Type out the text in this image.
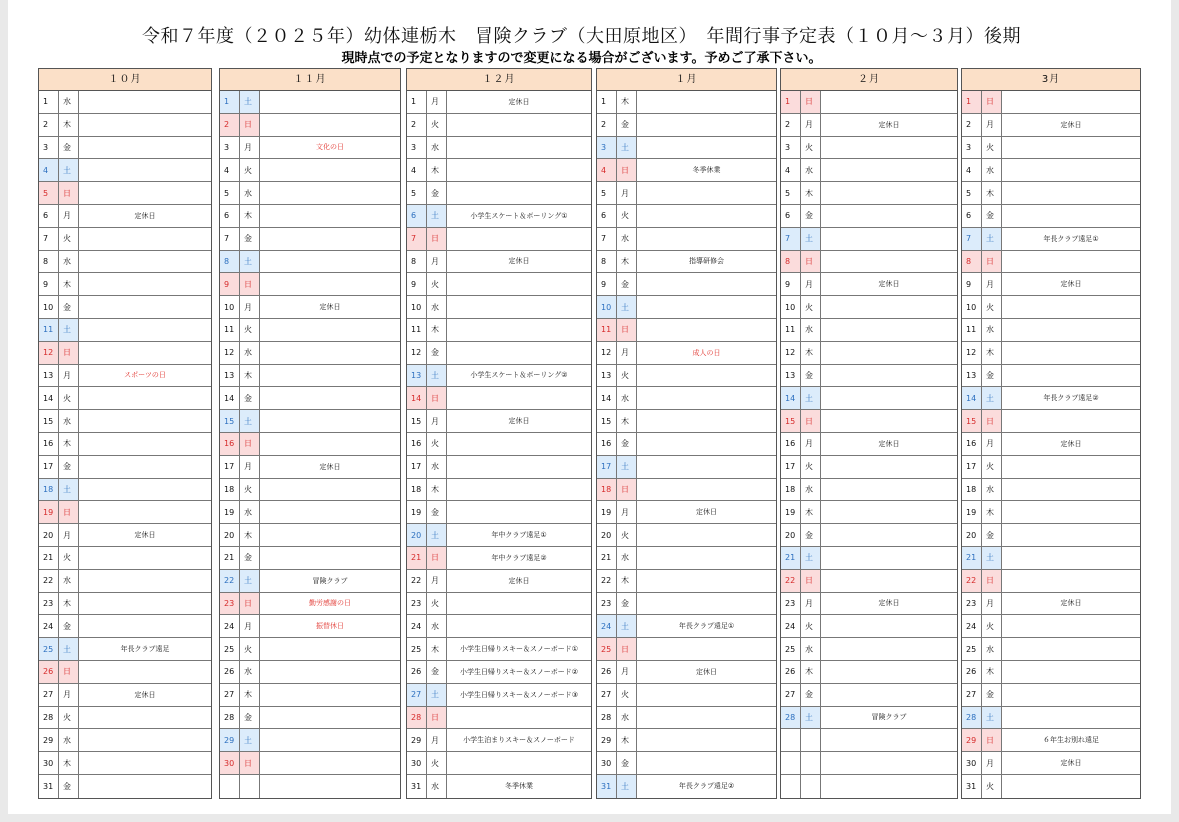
令和７年度（２０２５年）幼体連栃木　冒険クラブ（大田原地区）　年間行事予定表（１０月～３月）後期
現時点での予定となりますので変更になる場合がございます。予めご了承下さい。
１０月
1	水
2	木
3	金
4	土
5	日
6	月	定休日
7	火
8	水
9	木
10	金
11	土
12	日
13	月	スポーツの日
14	火
15	水
16	木
17	金
18	土
19	日
20	月	定休日
21	火
22	水
23	木
24	金
25	土	年長クラブ遠足
26	日
27	月	定休日
28	火
29	水
30	木
31	金
１１月
1	土
2	日
3	月	文化の日
4	火
5	水
6	木
7	金
8	土
9	日
10	月	定休日
11	火
12	水
13	木
14	金
15	土
16	日
17	月	定休日
18	火
19	水
20	木
21	金
22	土	冒険クラブ
23	日	勤労感謝の日
24	月	振替休日
25	火
26	水
27	木
28	金
29	土
30	日
１２月
1	月	定休日
2	火
3	水
4	木
5	金
6	土	小学生スケート＆ボーリング①
7	日
8	月	定休日
9	火
10	水
11	木
12	金
13	土	小学生スケート＆ボーリング②
14	日
15	月	定休日
16	火
17	水
18	木
19	金
20	土	年中クラブ遠足①
21	日	年中クラブ遠足②
22	月	定休日
23	火
24	水
25	木	小学生日帰りスキー＆スノーボード①
26	金	小学生日帰りスキー＆スノーボード②
27	土	小学生日帰りスキー＆スノーボード③
28	日
29	月	小学生泊まりスキー＆スノーボード
30	火
31	水	冬季休業
１月
1	木
2	金
3	土
4	日	冬季休業
5	月
6	火
7	水
8	木	指導研修会
9	金
10	土
11	日
12	月	成人の日
13	火
14	水
15	木
16	金
17	土
18	日
19	月	定休日
20	火
21	水
22	木
23	金
24	土	年長クラブ遠足①
25	日
26	月	定休日
27	火
28	水
29	木
30	金
31	土	年長クラブ遠足②
２月
1	日
2	月	定休日
3	火
4	水
5	木
6	金
7	土
8	日
9	月	定休日
10	火
11	水
12	木
13	金
14	土
15	日
16	月	定休日
17	火
18	水
19	木
20	金
21	土
22	日
23	月	定休日
24	火
25	水
26	木
27	金
28	土	冒険クラブ
3月
1	日
2	月	定休日
3	火
4	水
5	木
6	金
7	土	年長クラブ遠足①
8	日
9	月	定休日
10	火
11	水
12	木
13	金
14	土	年長クラブ遠足②
15	日
16	月	定休日
17	火
18	水
19	木
20	金
21	土
22	日
23	月	定休日
24	火
25	水
26	木
27	金
28	土
29	日	６年生お別れ遠足
30	月	定休日
31	火
